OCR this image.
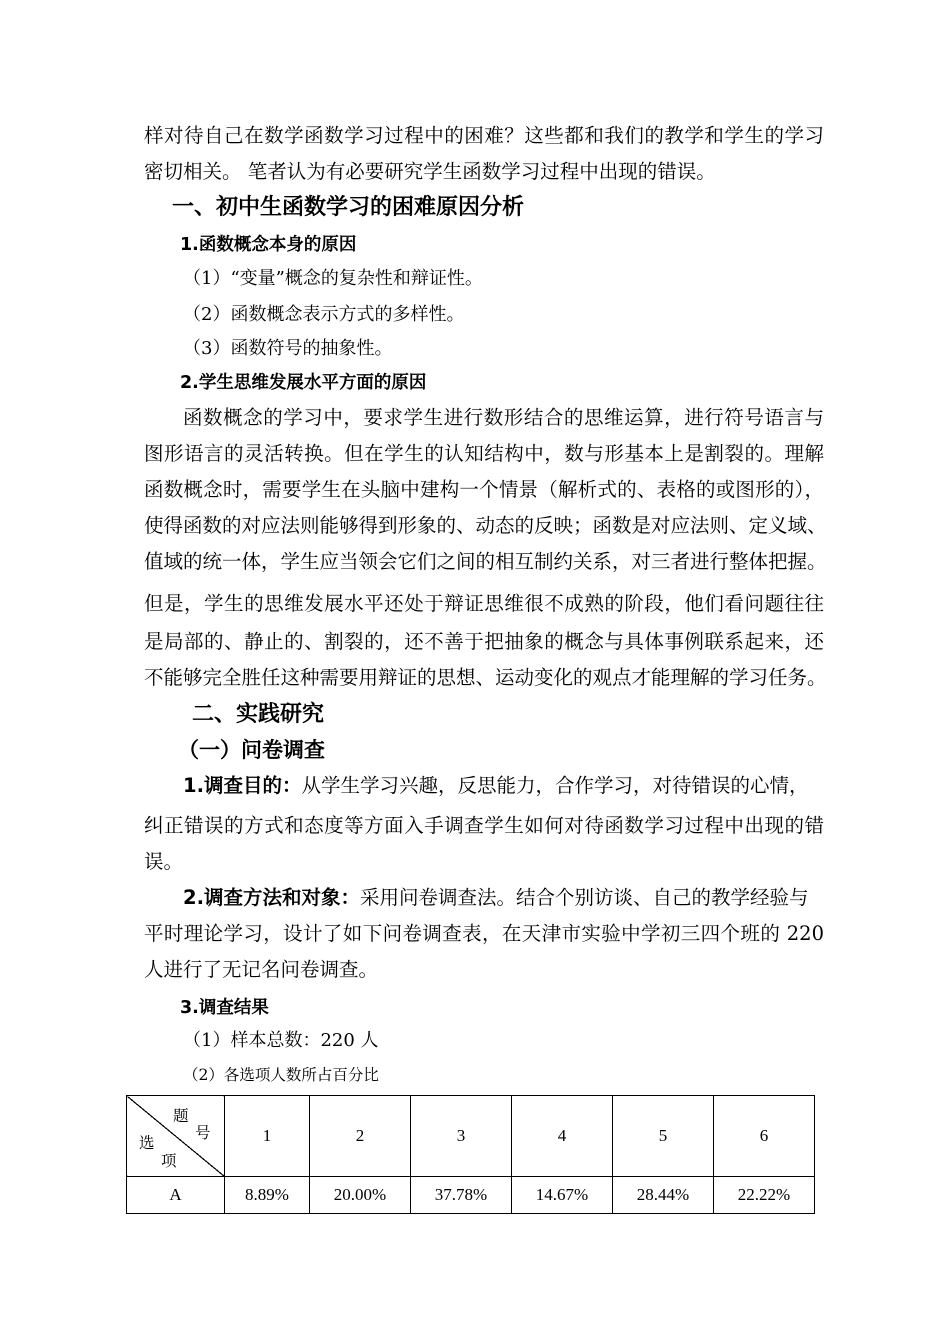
样对待自己在数学函数学习过程中的困难？这些都和我们的教学和学生的学习
密切相关。 笔者认为有必要研究学生函数学习过程中出现的错误。
一、初中生函数学习的困难原因分析
1.函数概念本身的原因
（1）“变量”概念的复杂性和辩证性。
（2）函数概念表示方式的多样性。
（3）函数符号的抽象性。
2.学生思维发展水平方面的原因
函数概念的学习中，要求学生进行数形结合的思维运算，进行符号语言与
图形语言的灵活转换。但在学生的认知结构中，数与形基本上是割裂的。理解
函数概念时，需要学生在头脑中建构一个情景（解析式的、表格的或图形的），
使得函数的对应法则能够得到形象的、动态的反映；函数是对应法则、定义域、
值域的统一体，学生应当领会它们之间的相互制约关系，对三者进行整体把握。
但是，学生的思维发展水平还处于辩证思维很不成熟的阶段，他们看问题往往
是局部的、静止的、割裂的，还不善于把抽象的概念与具体事例联系起来，还
不能够完全胜任这种需要用辩证的思想、运动变化的观点才能理解的学习任务。
二、实践研究
（一）问卷调查
1.调查目的：从学生学习兴趣，反思能力，合作学习，对待错误的心情，
纠正错误的方式和态度等方面入手调查学生如何对待函数学习过程中出现的错
误。
2.调查方法和对象：采用问卷调查法。结合个别访谈、自己的教学经验与
平时理论学习，设计了如下问卷调查表，在天津市实验中学初三四个班的 220
人进行了无记名问卷调查。
3.调查结果
（1）样本总数：220 人
（2）各选项人数所占百分比
题
号
选
项	1	2	3	4	5	6
A	8.89%	20.00%	37.78%	14.67%	28.44%	22.22%
